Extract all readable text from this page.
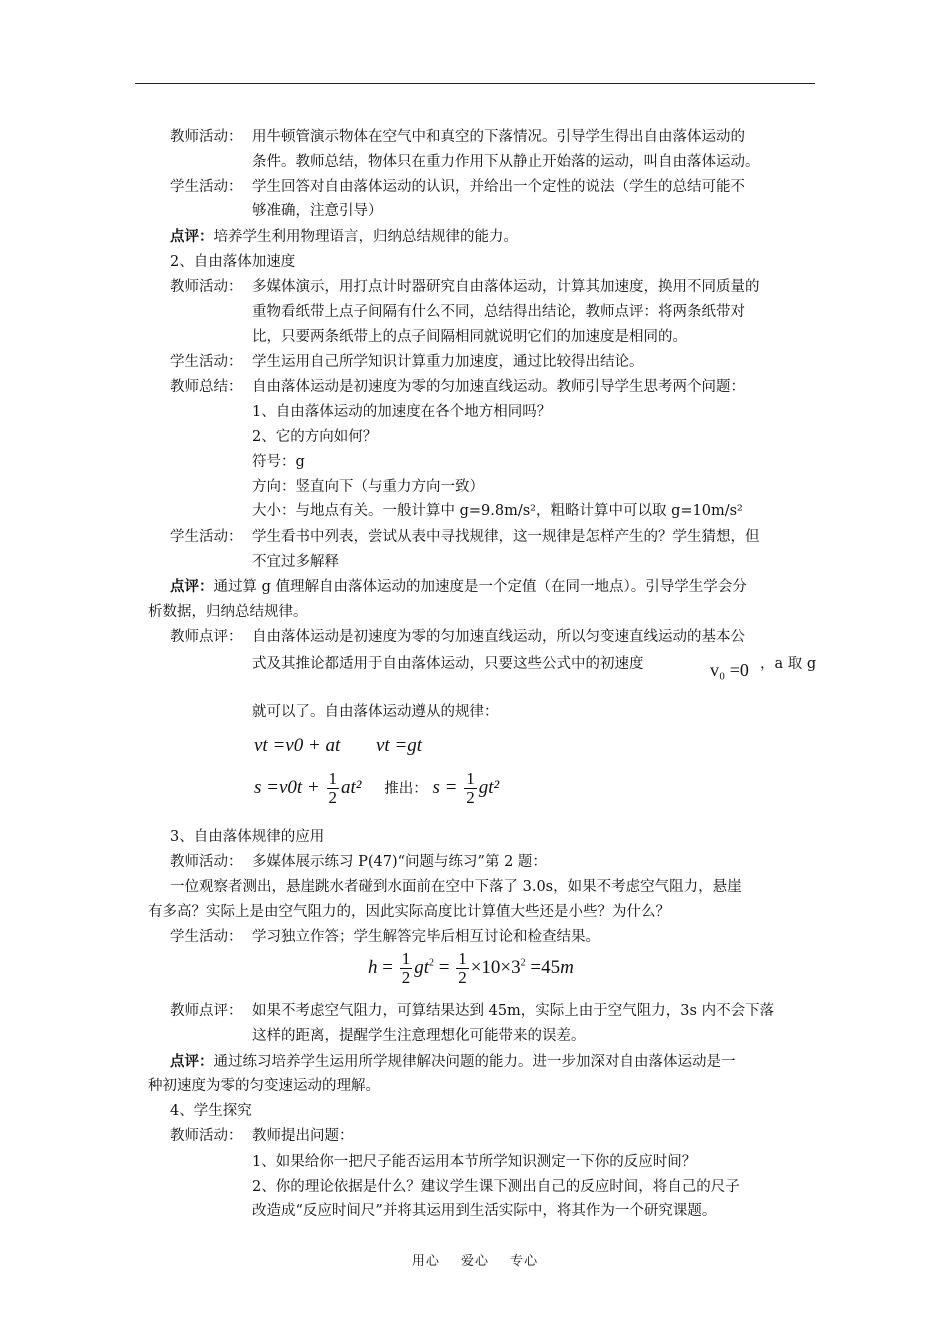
教师活动： 用牛顿管演示物体在空气中和真空的下落情况。引导学生得出自由落体运动的
条件。教师总结，物体只在重力作用下从静止开始落的运动，叫自由落体运动。
学生活动： 学生回答对自由落体运动的认识，并给出一个定性的说法（学生的总结可能不
够准确，注意引导）
点评：培养学生利用物理语言，归纳总结规律的能力。
2、自由落体加速度
教师活动： 多媒体演示，用打点计时器研究自由落体运动，计算其加速度，换用不同质量的
重物看纸带上点子间隔有什么不同，总结得出结论，教师点评：将两条纸带对
比，只要两条纸带上的点子间隔相同就说明它们的加速度是相同的。
学生活动： 学生运用自己所学知识计算重力加速度，通过比较得出结论。
教师总结： 自由落体运动是初速度为零的匀加速直线运动。教师引导学生思考两个问题：
1、自由落体运动的加速度在各个地方相同吗？
2、它的方向如何？
符号：g
方向：竖直向下（与重力方向一致）
大小：与地点有关。一般计算中 g=9.8m/s²，粗略计算中可以取 g=10m/s²
学生活动： 学生看书中列表，尝试从表中寻找规律，这一规律是怎样产生的？学生猜想，但
不宜过多解释
点评：通过算 g 值理解自由落体运动的加速度是一个定值（在同一地点）。引导学生学会分
析数据，归纳总结规律。
教师点评： 自由落体运动是初速度为零的匀加速直线运动，所以匀变速直线运动的基本公
式及其推论都适用于自由落体运动，只要这些公式中的初速度	v₀ =0 ，a 取 g
就可以了。自由落体运动遵从的规律：
vt =v0 + at vt =gt
$s =v0t + \frac{1}{2} at^2$ 推出： $s = \frac{1}{2} gt^2$
3、自由落体规律的应用
教师活动： 多媒体展示练习 P(47)“问题与练习”第 2 题：
一位观察者测出，悬崖跳水者碰到水面前在空中下落了 3.0s，如果不考虑空气阻力，悬崖
有多高？实际上是由空气阻力的，因此实际高度比计算值大些还是小些？为什么？
学生活动： 学习独立作答；学生解答完毕后相互讨论和检查结果。
$h = \frac{1}{2} gt^2 = \frac{1}{2} \times 10\times 3^2 =45m$
教师点评： 如果不考虑空气阻力，可算结果达到 45m，实际上由于空气阻力，3s 内不会下落
这样的距离，提醒学生注意理想化可能带来的误差。
点评：通过练习培养学生运用所学规律解决问题的能力。进一步加深对自由落体运动是一
种初速度为零的匀变速运动的理解。
4、学生探究
教师活动： 教师提出问题：
1、如果给你一把尺子能否运用本节所学知识测定一下你的反应时间？
2、你的理论依据是什么？建议学生课下测出自己的反应时间，将自己的尺子
改造成“反应时间尺”并将其运用到生活实际中，将其作为一个研究课题。
用心 爱心 专心
